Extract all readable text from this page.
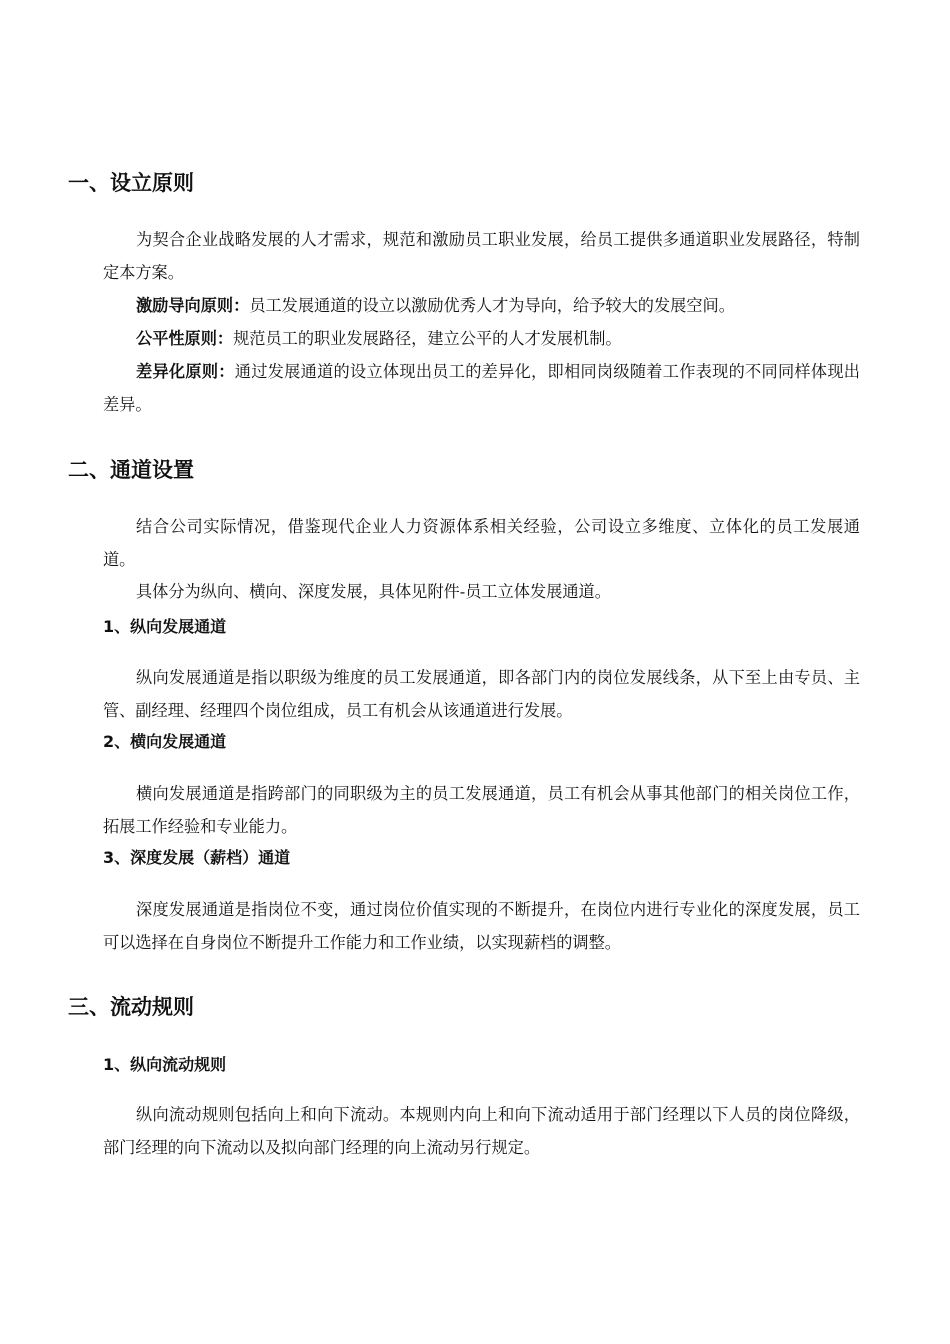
一、设立原则
为契合企业战略发展的人才需求，规范和激励员工职业发展，给员工提供多通道职业发展路径，特制定本方案。
激励导向原则：员工发展通道的设立以激励优秀人才为导向，给予较大的发展空间。
公平性原则：规范员工的职业发展路径，建立公平的人才发展机制。
差异化原则：通过发展通道的设立体现出员工的差异化，即相同岗级随着工作表现的不同同样体现出差异。
二、通道设置
结合公司实际情况，借鉴现代企业人力资源体系相关经验，公司设立多维度、立体化的员工发展通道。
具体分为纵向、横向、深度发展，具体见附件-员工立体发展通道。
1、纵向发展通道
纵向发展通道是指以职级为维度的员工发展通道，即各部门内的岗位发展线条，从下至上由专员、主管、副经理、经理四个岗位组成，员工有机会从该通道进行发展。
2、横向发展通道
横向发展通道是指跨部门的同职级为主的员工发展通道，员工有机会从事其他部门的相关岗位工作，拓展工作经验和专业能力。
3、深度发展（薪档）通道
深度发展通道是指岗位不变，通过岗位价值实现的不断提升，在岗位内进行专业化的深度发展，员工可以选择在自身岗位不断提升工作能力和工作业绩，以实现薪档的调整。
三、流动规则
1、纵向流动规则
纵向流动规则包括向上和向下流动。本规则内向上和向下流动适用于部门经理以下人员的岗位降级，部门经理的向下流动以及拟向部门经理的向上流动另行规定。
